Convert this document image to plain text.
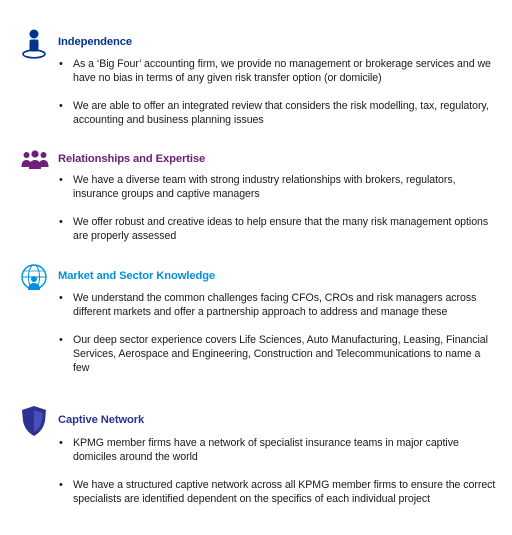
Independence
• As a ‘Big Four’ accounting firm, we provide no management or brokerage services and we have no bias in terms of any given risk transfer option (or domicile)
• We are able to offer an integrated review that considers the risk modelling, tax, regulatory, accounting and business planning issues
Relationships and Expertise
• We have a diverse team with strong industry relationships with brokers, regulators, insurance groups and captive managers
• We offer robust and creative ideas to help ensure that the many risk management options are properly assessed
Market and Sector Knowledge
• We understand the common challenges facing CFOs, CROs and risk managers across different markets and offer a partnership approach to address and manage these
• Our deep sector experience covers Life Sciences, Auto Manufacturing, Leasing, Financial Services, Aerospace and Engineering, Construction and Telecommunications to name a few
Captive Network
• KPMG member firms have a network of specialist insurance teams in major captive domiciles around the world
• We have a structured captive network across all KPMG member firms to ensure the correct specialists are identified dependent on the specifics of each individual project
